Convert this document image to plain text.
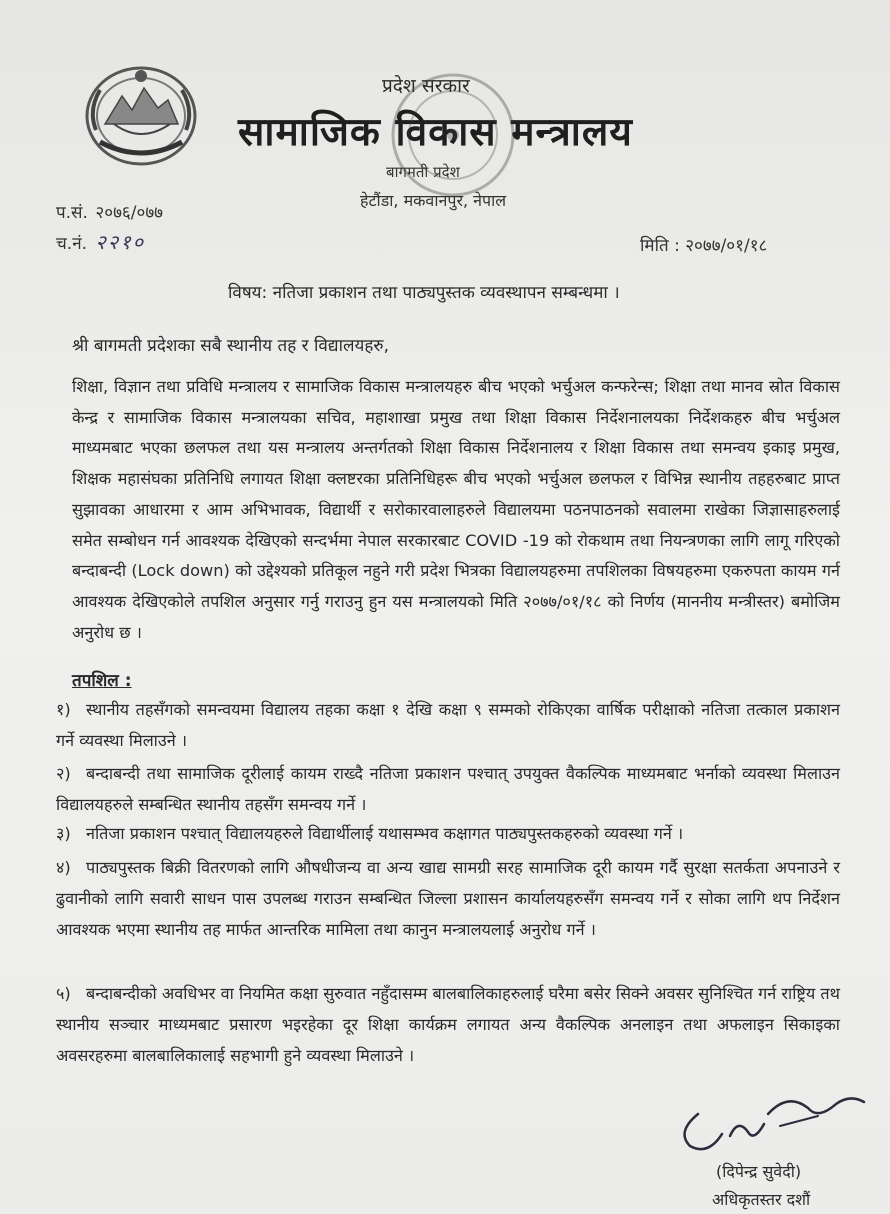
प्रदेश सरकार
सामाजिक विकास मन्त्रालय
बागमती प्रदेश
हेटौंडा, मकवानपुर, नेपाल
प.सं. २०७६/०७७
च.नं. २२१०	मिति : २०७७/०१/१८
विषय: नतिजा प्रकाशन तथा पाठ्यपुस्तक व्यवस्थापन सम्बन्धमा ।
श्री बागमती प्रदेशका सबै स्थानीय तह र विद्यालयहरु,
शिक्षा, विज्ञान तथा प्रविधि मन्त्रालय र सामाजिक विकास मन्त्रालयहरु बीच भएको भर्चुअल कन्फरेन्स; शिक्षा तथा मानव स्रोत विकास केन्द्र र सामाजिक विकास मन्त्रालयका सचिव, महाशाखा प्रमुख तथा शिक्षा विकास निर्देशनालयका निर्देशकहरु बीच भर्चुअल माध्यमबाट भएका छलफल तथा यस मन्त्रालय अन्तर्गतको शिक्षा विकास निर्देशनालय र शिक्षा विकास तथा समन्वय इकाइ प्रमुख, शिक्षक महासंघका प्रतिनिधि लगायत शिक्षा क्लष्टरका प्रतिनिधिहरू बीच भएको भर्चुअल छलफल र विभिन्न स्थानीय तहहरुबाट प्राप्त सुझावका आधारमा र आम अभिभावक, विद्यार्थी र सरोकारवालाहरुले विद्यालयमा पठनपाठनको सवालमा राखेका जिज्ञासाहरुलाई समेत सम्बोधन गर्न आवश्यक देखिएको सन्दर्भमा नेपाल सरकारबाट COVID -19 को रोकथाम तथा नियन्त्रणका लागि लागू गरिएको बन्दाबन्दी (Lock down) को उद्देश्यको प्रतिकूल नहुने गरी प्रदेश भित्रका विद्यालयहरुमा तपशिलका विषयहरुमा एकरुपता कायम गर्न आवश्यक देखिएकोले तपशिल अनुसार गर्नु गराउनु हुन यस मन्त्रालयको मिति २०७७/०१/१८ को निर्णय (माननीय मन्त्रीस्तर) बमोजिम अनुरोध छ ।
तपशिल :
१) स्थानीय तहसँगको समन्वयमा विद्यालय तहका कक्षा १ देखि कक्षा ९ सम्मको रोकिएका वार्षिक परीक्षाको नतिजा तत्काल प्रकाशन गर्ने व्यवस्था मिलाउने ।
२) बन्दाबन्दी तथा सामाजिक दूरीलाई कायम राख्दै नतिजा प्रकाशन पश्चात् उपयुक्त वैकल्पिक माध्यमबाट भर्नाको व्यवस्था मिलाउन विद्यालयहरुले सम्बन्धित स्थानीय तहसँग समन्वय गर्ने ।
३) नतिजा प्रकाशन पश्चात् विद्यालयहरुले विद्यार्थीलाई यथासम्भव कक्षागत पाठ्यपुस्तकहरुको व्यवस्था गर्ने ।
४) पाठ्यपुस्तक बिक्री वितरणको लागि औषधीजन्य वा अन्य खाद्य सामग्री सरह सामाजिक दूरी कायम गर्दै सुरक्षा सतर्कता अपनाउने र ढुवानीको लागि सवारी साधन पास उपलब्ध गराउन सम्बन्धित जिल्ला प्रशासन कार्यालयहरुसँग समन्वय गर्ने र सोका लागि थप निर्देशन आवश्यक भएमा स्थानीय तह मार्फत आन्तरिक मामिला तथा कानुन मन्त्रालयलाई अनुरोध गर्ने ।
५) बन्दाबन्दीको अवधिभर वा नियमित कक्षा सुरुवात नहुँदासम्म बालबालिकाहरुलाई घरैमा बसेर सिक्ने अवसर सुनिश्चित गर्न राष्ट्रिय तथ स्थानीय सञ्चार माध्यमबाट प्रसारण भइरहेका दूर शिक्षा कार्यक्रम लगायत अन्य वैकल्पिक अनलाइन तथा अफलाइन सिकाइका अवसरहरुमा बालबालिकालाई सहभागी हुने व्यवस्था मिलाउने ।
(दिपेन्द्र सुवेदी)
अधिकृतस्तर दशौं
